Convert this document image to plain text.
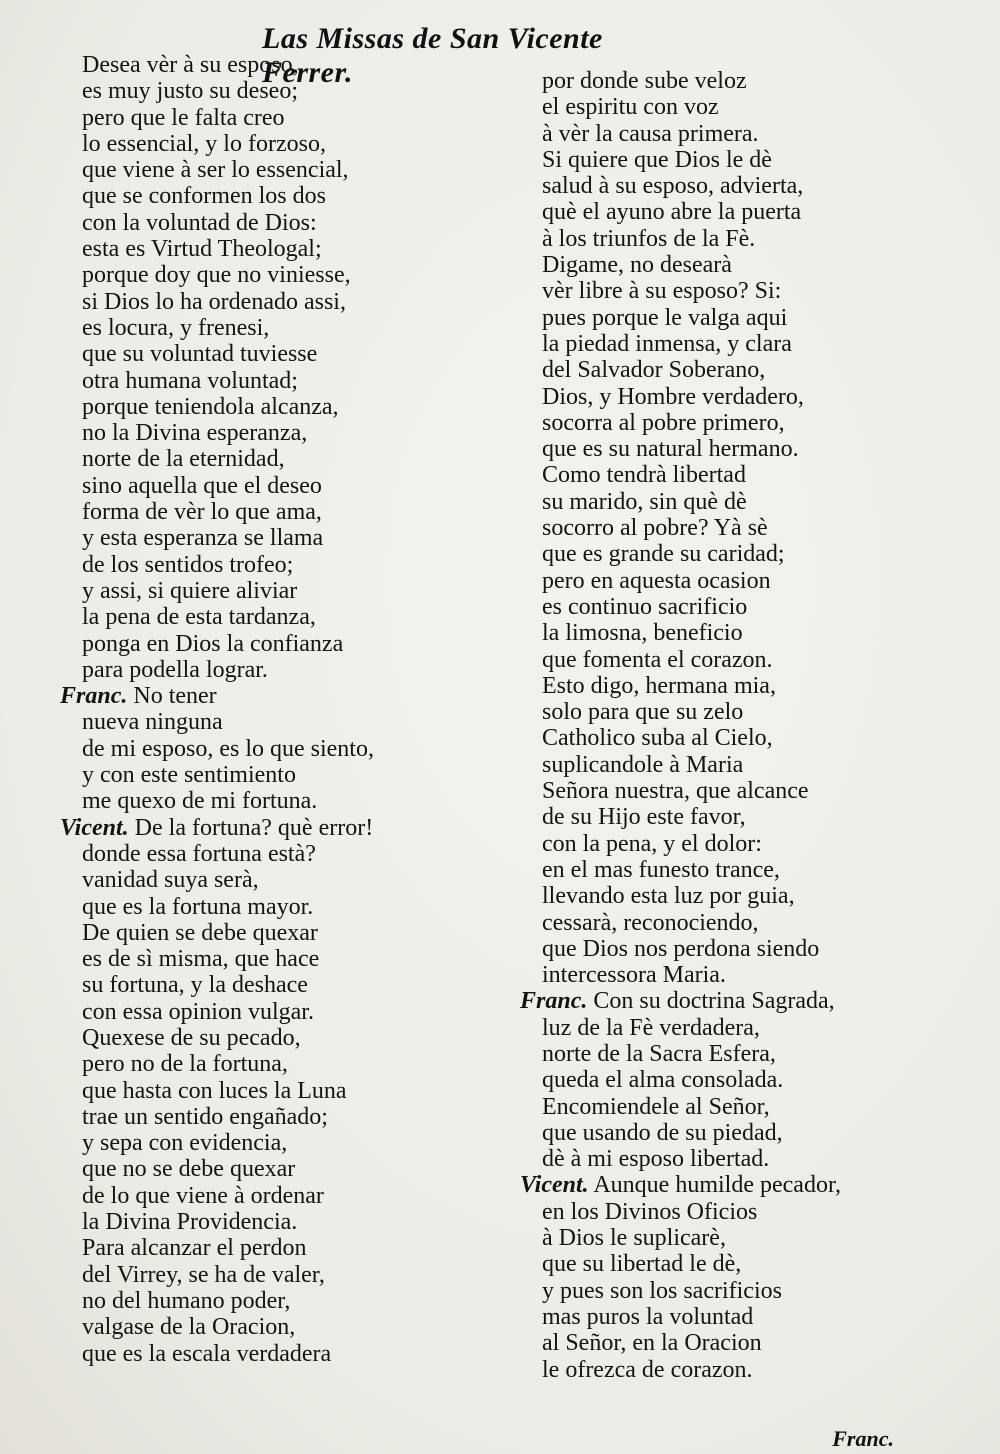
Las Missas de San Vicente Ferrer.
Desea vèr à su esposo,
es muy justo su deseo;
pero que le falta creo
lo essencial, y lo forzoso,
que viene à ser lo essencial,
que se conformen los dos
con la voluntad de Dios:
esta es Virtud Theologal;
porque doy que no viniesse,
si Dios lo ha ordenado assi,
es locura, y frenesi,
que su voluntad tuviesse
otra humana voluntad;
porque teniendola alcanza,
no la Divina esperanza,
norte de la eternidad,
sino aquella que el deseo
forma de vèr lo que ama,
y esta esperanza se llama
de los sentidos trofeo;
y assi, si quiere aliviar
la pena de esta tardanza,
ponga en Dios la confianza
para podella lograr.
Franc. No tener
nueva ninguna
de mi esposo, es lo que siento,
y con este sentimiento
me quexo de mi fortuna.
Vicent. De la fortuna? què error!
donde essa fortuna està?
vanidad suya serà,
que es la fortuna mayor.
De quien se debe quexar
es de sì misma, que hace
su fortuna, y la deshace
con essa opinion vulgar.
Quexese de su pecado,
pero no de la fortuna,
que hasta con luces la Luna
trae un sentido engañado;
y sepa con evidencia,
que no se debe quexar
de lo que viene à ordenar
la Divina Providencia.
Para alcanzar el perdon
del Virrey, se ha de valer,
no del humano poder,
valgase de la Oracion,
que es la escala verdadera
por donde sube veloz
el espiritu con voz
à vèr la causa primera.
Si quiere que Dios le dè
salud à su esposo, advierta,
què el ayuno abre la puerta
à los triunfos de la Fè.
Digame, no desearà
vèr libre à su esposo? Si:
pues porque le valga aqui
la piedad inmensa, y clara
del Salvador Soberano,
Dios, y Hombre verdadero,
socorra al pobre primero,
que es su natural hermano.
Como tendrà libertad
su marido, sin què dè
socorro al pobre? Yà sè
que es grande su caridad;
pero en aquesta ocasion
es continuo sacrificio
la limosna, beneficio
que fomenta el corazon.
Esto digo, hermana mia,
solo para que su zelo
Catholico suba al Cielo,
suplicandole à Maria
Señora nuestra, que alcance
de su Hijo este favor,
con la pena, y el dolor:
en el mas funesto trance,
llevando esta luz por guia,
cessarà, reconociendo,
que Dios nos perdona siendo
intercessora Maria.
Franc. Con su doctrina Sagrada,
luz de la Fè verdadera,
norte de la Sacra Esfera,
queda el alma consolada.
Encomiendele al Señor,
que usando de su piedad,
dè à mi esposo libertad.
Vicent. Aunque humilde pecador,
en los Divinos Oficios
à Dios le suplicarè,
que su libertad le dè,
y pues son los sacrificios
mas puros la voluntad
al Señor, en la Oracion
le ofrezca de corazon.
Franc.
